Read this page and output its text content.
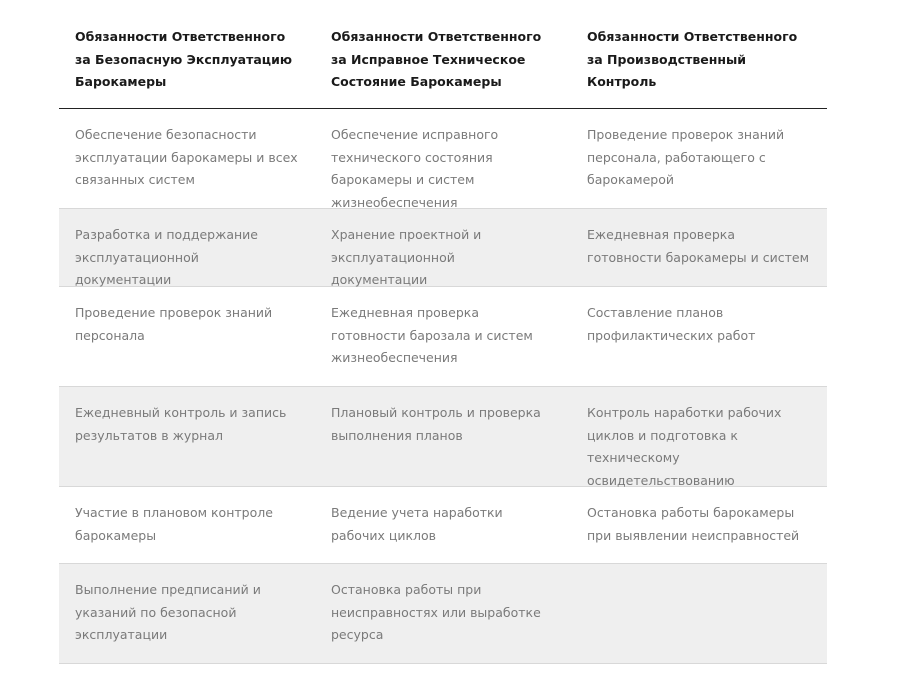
Обязанности Ответственного за Безопасную Эксплуатацию Барокамеры
Обязанности Ответственного за Исправное Техническое Состояние Барокамеры
Обязанности Ответственного за Производственный Контроль
Обеспечение безопасности эксплуатации барокамеры и всех связанных систем
Обеспечение исправного технического состояния барокамеры и систем жизнеобеспечения
Проведение проверок знаний персонала, работающего с барокамерой
Разработка и поддержание эксплуатационной документации
Хранение проектной и эксплуатационной документации
Ежедневная проверка готовности барокамеры и систем
Проведение проверок знаний персонала
Ежедневная проверка готовности барозала и систем жизнеобеспечения
Составление планов профилактических работ
Ежедневный контроль и запись результатов в журнал
Плановый контроль и проверка выполнения планов
Контроль наработки рабочих циклов и подготовка к техническому освидетельствованию
Участие в плановом контроле барокамеры
Ведение учета наработки рабочих циклов
Остановка работы барокамеры при выявлении неисправностей
Выполнение предписаний и указаний по безопасной эксплуатации
Остановка работы при неисправностях или выработке ресурса
